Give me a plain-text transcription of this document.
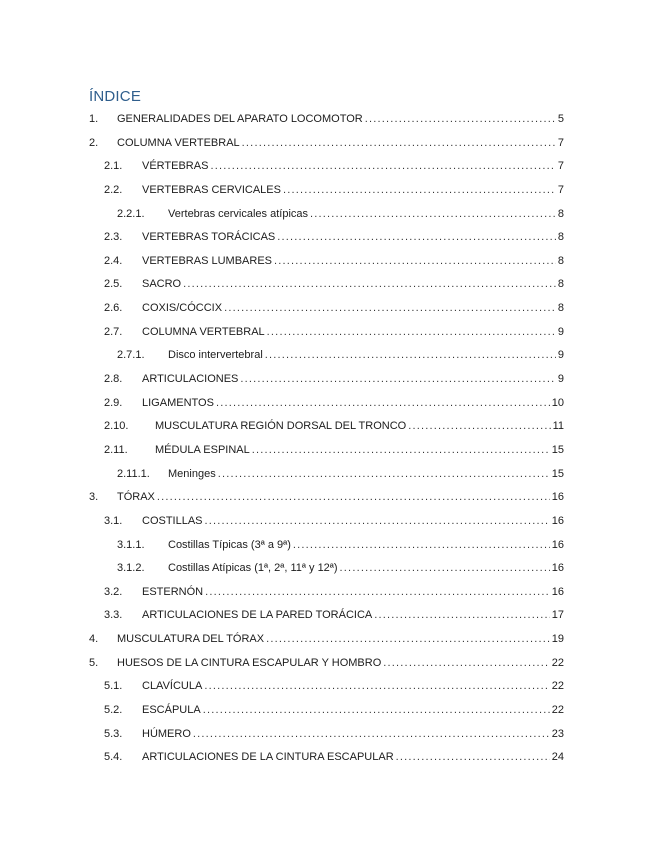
ÍNDICE
1. GENERALIDADES DEL APARATO LOCOMOTOR .....	5
2. COLUMNA VERTEBRAL .....	7
2.1. VÉRTEBRAS .....	7
2.2. VERTEBRAS CERVICALES .....	7
2.2.1. Vertebras cervicales atípicas .....	8
2.3. VERTEBRAS TORÁCICAS .....	8
2.4. VERTEBRAS LUMBARES .....	8
2.5. SACRO .....	8
2.6. COXIS/CÓCCIX .....	8
2.7. COLUMNA VERTEBRAL .....	9
2.7.1. Disco intervertebral .....	9
2.8. ARTICULACIONES .....	9
2.9. LIGAMENTOS .....	10
2.10. MUSCULATURA REGIÓN DORSAL DEL TRONCO .....	11
2.11. MÉDULA ESPINAL .....	15
2.11.1. Meninges .....	15
3. TÓRAX .....	16
3.1. COSTILLAS .....	16
3.1.1. Costillas Típicas (3ª a 9ª) .....	16
3.1.2. Costillas Atípicas (1ª, 2ª, 11ª y 12ª) .....	16
3.2. ESTERNÓN .....	16
3.3. ARTICULACIONES DE LA PARED TORÁCICA .....	17
4. MUSCULATURA DEL TÓRAX .....	19
5. HUESOS DE LA CINTURA ESCAPULAR Y HOMBRO .....	22
5.1. CLAVÍCULA .....	22
5.2. ESCÁPULA .....	22
5.3. HÚMERO .....	23
5.4. ARTICULACIONES DE LA CINTURA ESCAPULAR .....	24
